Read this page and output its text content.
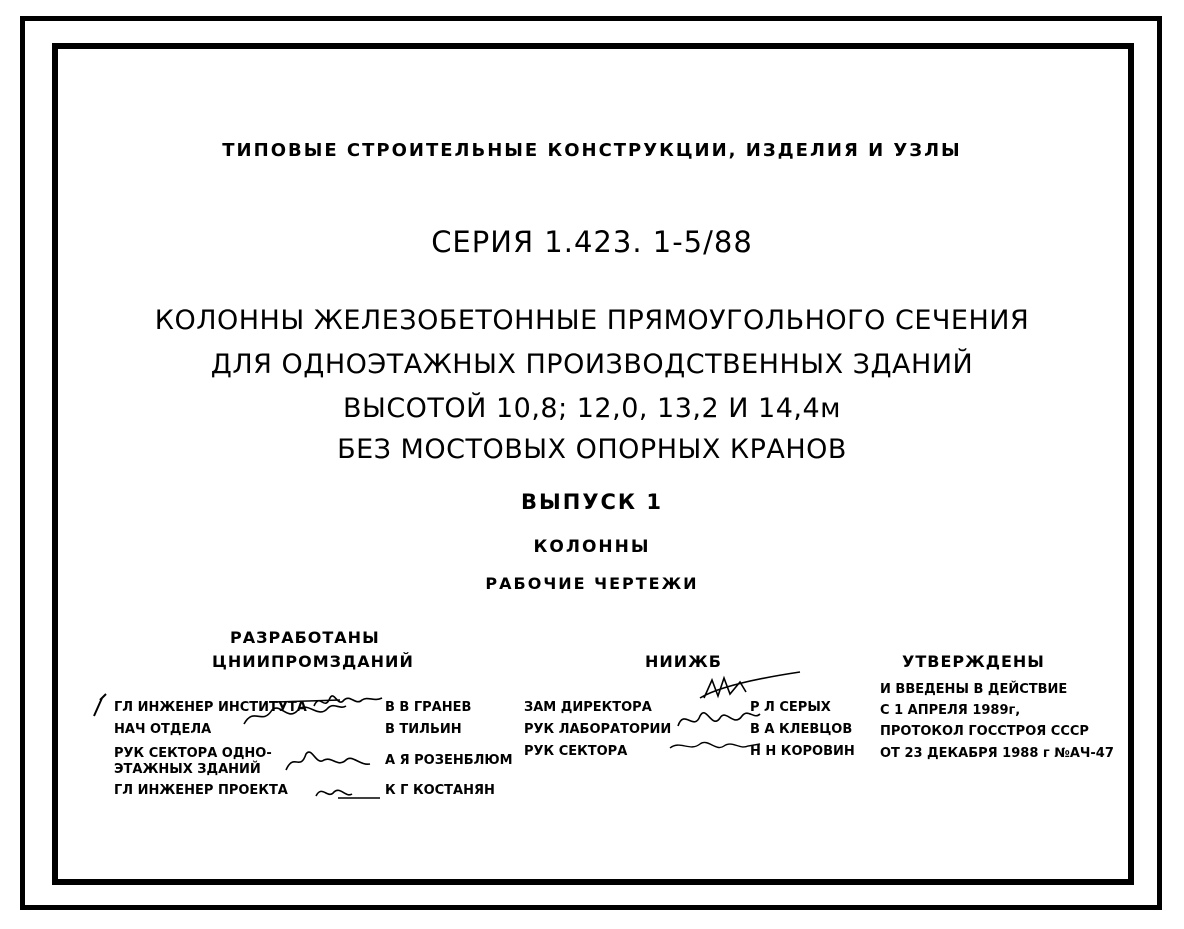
ТИПОВЫЕ СТРОИТЕЛЬНЫЕ КОНСТРУКЦИИ, ИЗДЕЛИЯ И УЗЛЫ
СЕРИЯ 1.423. 1-5/88
КОЛОННЫ ЖЕЛЕЗОБЕТОННЫЕ ПРЯМОУГОЛЬНОГО СЕЧЕНИЯ
ДЛЯ ОДНОЭТАЖНЫХ ПРОИЗВОДСТВЕННЫХ ЗДАНИЙ
ВЫСОТОЙ 10,8; 12,0, 13,2 И 14,4м
БЕЗ МОСТОВЫХ ОПОРНЫХ КРАНОВ
ВЫПУСК 1
КОЛОННЫ
РАБОЧИЕ ЧЕРТЕЖИ
РАЗРАБОТАНЫ
ЦНИИПРОМЗДАНИЙ
ГЛ ИНЖЕНЕР ИНСТИТУТА
НАЧ ОТДЕЛА
РУК СЕКТОРА ОДНО-
ЭТАЖНЫХ ЗДАНИЙ
ГЛ ИНЖЕНЕР ПРОЕКТА
В В ГРАНЕВ
В ТИЛЬИН
А Я РОЗЕНБЛЮМ
К Г КОСТАНЯН
НИИЖБ
ЗАМ ДИРЕКТОРА
РУК ЛАБОРАТОРИИ
РУК СЕКТОРА
Р Л СЕРЫХ
В А КЛЕВЦОВ
Н Н КОРОВИН
УТВЕРЖДЕНЫ
И ВВЕДЕНЫ В ДЕЙСТВИЕ
С 1 АПРЕЛЯ 1989г,
ПРОТОКОЛ ГОССТРОЯ СССР
ОТ 23 ДЕКАБРЯ 1988 г №АЧ-47
